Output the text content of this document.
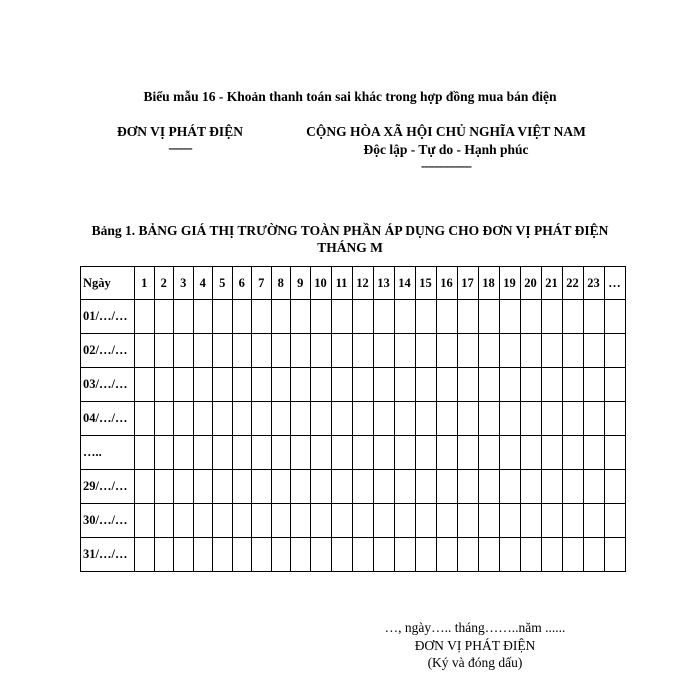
Biểu mẫu 16 - Khoản thanh toán sai khác trong hợp đồng mua bán điện
ĐƠN VỊ PHÁT ĐIỆN
-------
CỘNG HÒA XÃ HỘI CHỦ NGHĨA VIỆT NAM
Độc lập - Tự do - Hạnh phúc
---------------
Bảng 1. BẢNG GIÁ THỊ TRƯỜNG TOÀN PHẦN ÁP DỤNG CHO ĐƠN VỊ PHÁT ĐIỆN THÁNG M
Ngày	1	2	3	4	5	6	7	8	9	10	11	12	13	14	15	16	17	18	19	20	21	22	23	…
01/…/…																								
02/…/…																								
03/…/…																								
04/…/…																								
…..																								
29/…/…																								
30/…/…																								
31/…/…																								
…, ngày….. tháng……..năm ......
ĐƠN VỊ PHÁT ĐIỆN
(Ký và đóng dấu)
